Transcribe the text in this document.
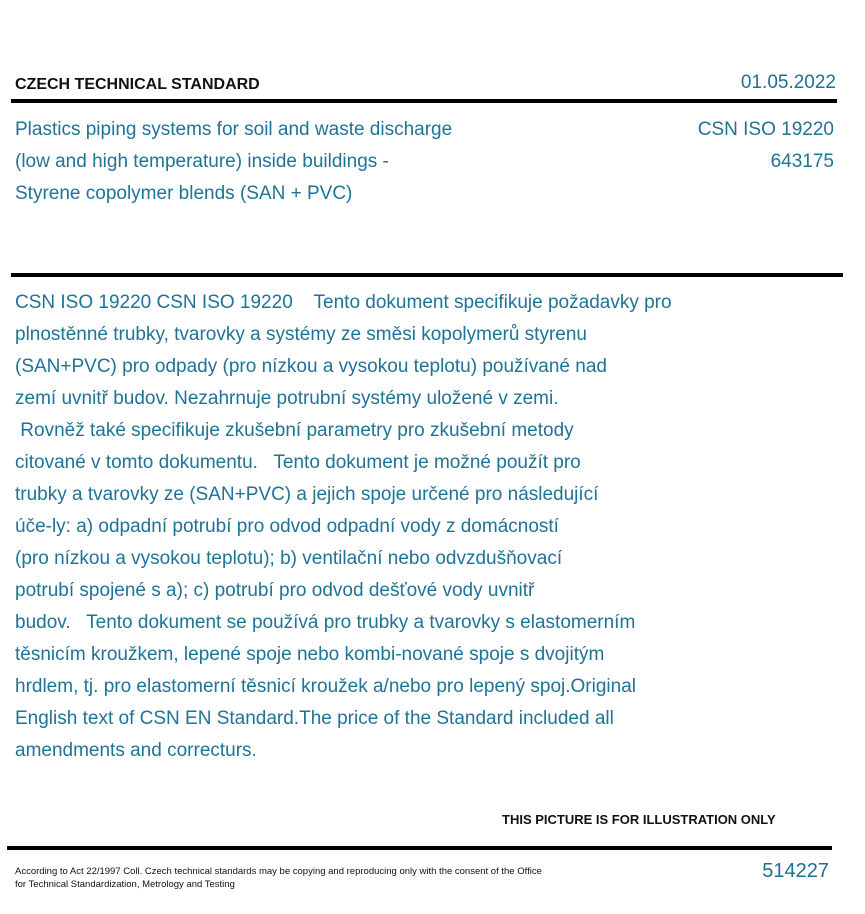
CZECH TECHNICAL STANDARD	01.05.2022
Plastics piping systems for soil and waste discharge
(low and high temperature) inside buildings -
Styrene copolymer blends (SAN + PVC)
CSN ISO 19220
643175
CSN ISO 19220 CSN ISO 19220    Tento dokument specifikuje požadavky pro
plnostěnné trubky, tvarovky a systémy ze směsi kopolymerů styrenu
(SAN+PVC) pro odpady (pro nízkou a vysokou teplotu) používané nad
zemí uvnitř budov. Nezahrnuje potrubní systémy uložené v zemi.
Rovněž také specifikuje zkušební parametry pro zkušební metody
citované v tomto dokumentu.   Tento dokument je možné použít pro
trubky a tvarovky ze (SAN+PVC) a jejich spoje určené pro následující
úče-ly: a) odpadní potrubí pro odvod odpadní vody z domácností
(pro nízkou a vysokou teplotu); b) ventilační nebo odvzdušňovací
potrubí spojené s a); c) potrubí pro odvod dešťové vody uvnitř
budov.   Tento dokument se používá pro trubky a tvarovky s elastomerním
těsnicím kroužkem, lepené spoje nebo kombi-nované spoje s dvojitým
hrdlem, tj. pro elastomerní těsnicí kroužek a/nebo pro lepený spoj.Original
English text of CSN EN Standard.The price of the Standard included all
amendments and correcturs.
THIS PICTURE IS FOR ILLUSTRATION ONLY
According to Act 22/1997 Coll. Czech technical standards may be copying and reproducing only with the consent of the Office
for Technical Standardization, Metrology and Testing
514227
